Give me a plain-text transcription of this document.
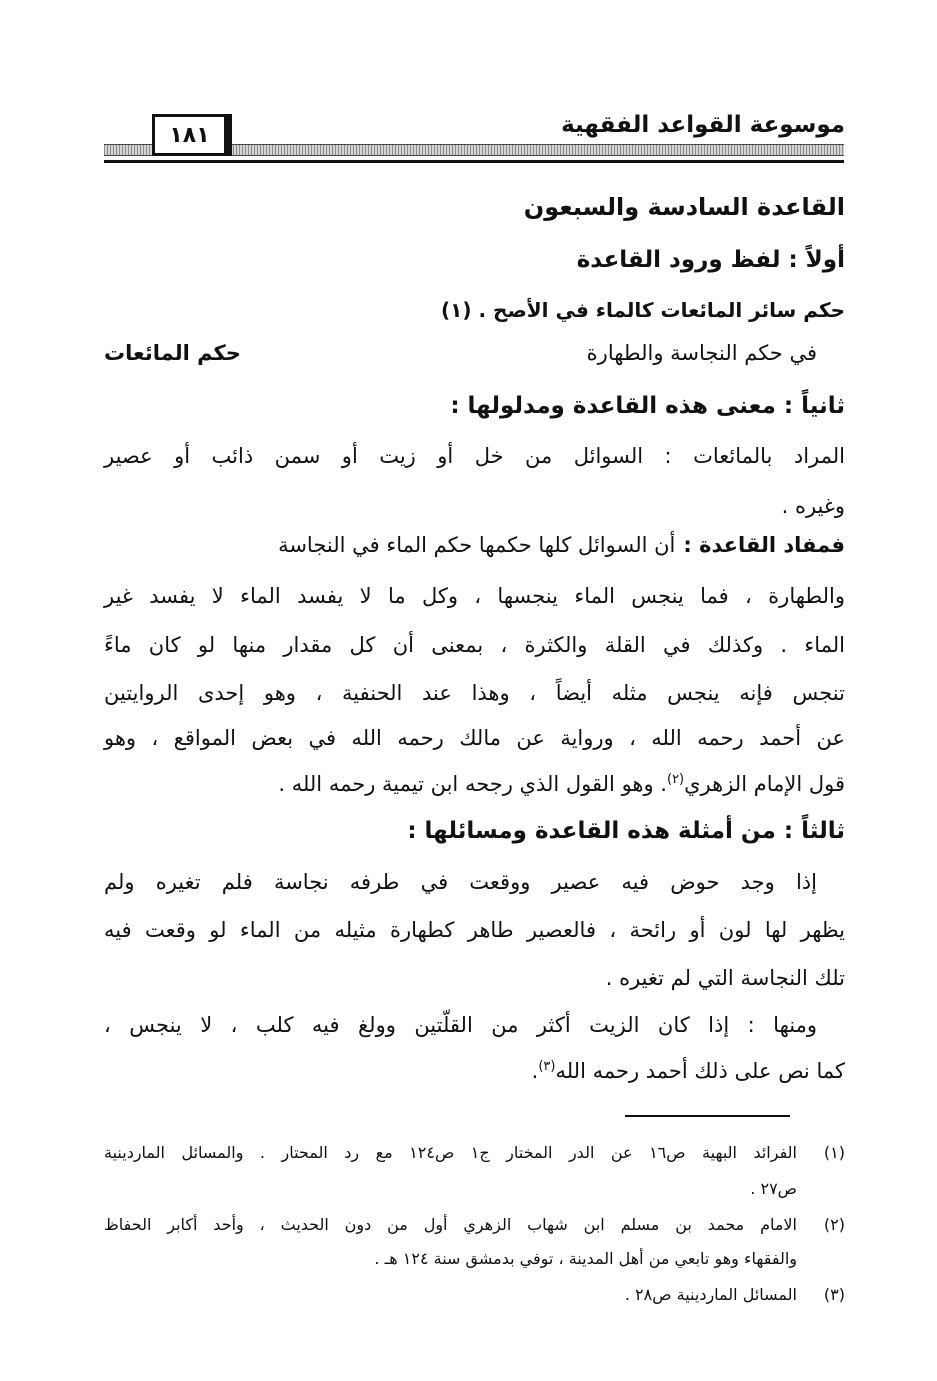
موسوعة القواعد الفقهية
١٨١
القاعدة السادسة والسبعون
أولاً : لفظ ورود القاعدة
حكم سائر المائعات كالماء في الأصح . (١)
في حكم النجاسة والطهارة
حكم المائعات
ثانياً : معنى هذه القاعدة ومدلولها :
المراد بالمائعات : السوائل من خل أو زيت أو سمن ذائب أو عصير
وغيره .
فمفاد القاعدة :
أن السوائل كلها حكمها حكم الماء في النجاسة
والطهارة ، فما ينجس الماء ينجسها ، وكل ما لا يفسد الماء لا يفسد غير
الماء . وكذلك في القلة والكثرة ، بمعنى أن كل مقدار منها لو كان ماءً
تنجس فإنه ينجس مثله أيضاً ، وهذا عند الحنفية ، وهو إحدى الروايتين
عن أحمد رحمه الله ، ورواية عن مالك رحمه الله في بعض المواقع ، وهو
قول الإمام الزهري$^{(٢)}$. وهو القول الذي رجحه ابن تيمية رحمه الله .
ثالثاً : من أمثلة هذه القاعدة ومسائلها :
إذا وجد حوض فيه عصير ووقعت في طرفه نجاسة فلم تغيره ولم
يظهر لها لون أو رائحة ، فالعصير طاهر كطهارة مثيله من الماء لو وقعت فيه
تلك النجاسة التي لم تغيره .
ومنها : إذا كان الزيت أكثر من القلّتين وولغ فيه كلب ، لا ينجس ،
كما نص على ذلك أحمد رحمه الله$^{(٣)}$.
(١)
الفرائد البهية ص١٦ عن الدر المختار ج١ ص١٢٤ مع رد المحتار . والمسائل الماردينية
ص٢٧ .
(٢)
الامام محمد بن مسلم ابن شهاب الزهري أول من دون الحديث ، وأحد أكابر الحفاظ
والفقهاء وهو تابعي من أهل المدينة ، توفي بدمشق سنة ١٢٤ هـ .
(٣)
المسائل الماردينية ص٢٨ .
